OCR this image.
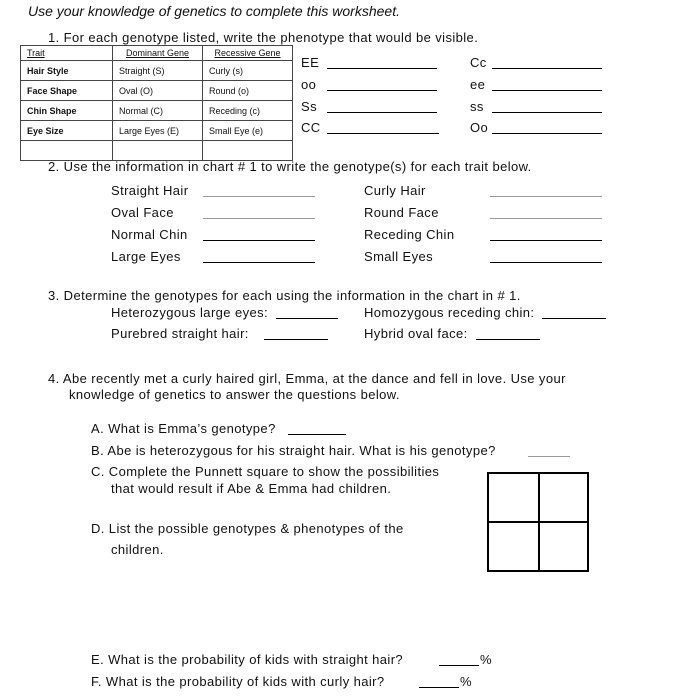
Use your knowledge of genetics to complete this worksheet.
1. For each genotype listed, write the phenotype that would be visible.
Trait	Dominant Gene	Recessive Gene
Hair Style	Straight (S)	Curly (s)
Face Shape	Oval (O)	Round (o)
Chin Shape	Normal (C)	Receding (c)
Eye Size	Large Eyes (E)	Small Eye (e)

EE
oo
Ss
CC
Cc
ee
ss
Oo
2. Use the information in chart # 1 to write the genotype(s) for each trait below.
Straight Hair
Oval Face
Normal Chin
Large Eyes
Curly Hair
Round Face
Receding Chin
Small Eyes
3. Determine the genotypes for each using the information in the chart in # 1.
Heterozygous large eyes:	Homozygous receding chin:
Purebred straight hair:	Hybrid oval face:
4. Abe recently met a curly haired girl, Emma, at the dance and fell in love. Use your
knowledge of genetics to answer the questions below.
A. What is Emma’s genotype?
B. Abe is heterozygous for his straight hair. What is his genotype?
C. Complete the Punnett square to show the possibilities
that would result if Abe & Emma had children.
D. List the possible genotypes & phenotypes of the
children.
E. What is the probability of kids with straight hair?	%
F. What is the probability of kids with curly hair?	%
